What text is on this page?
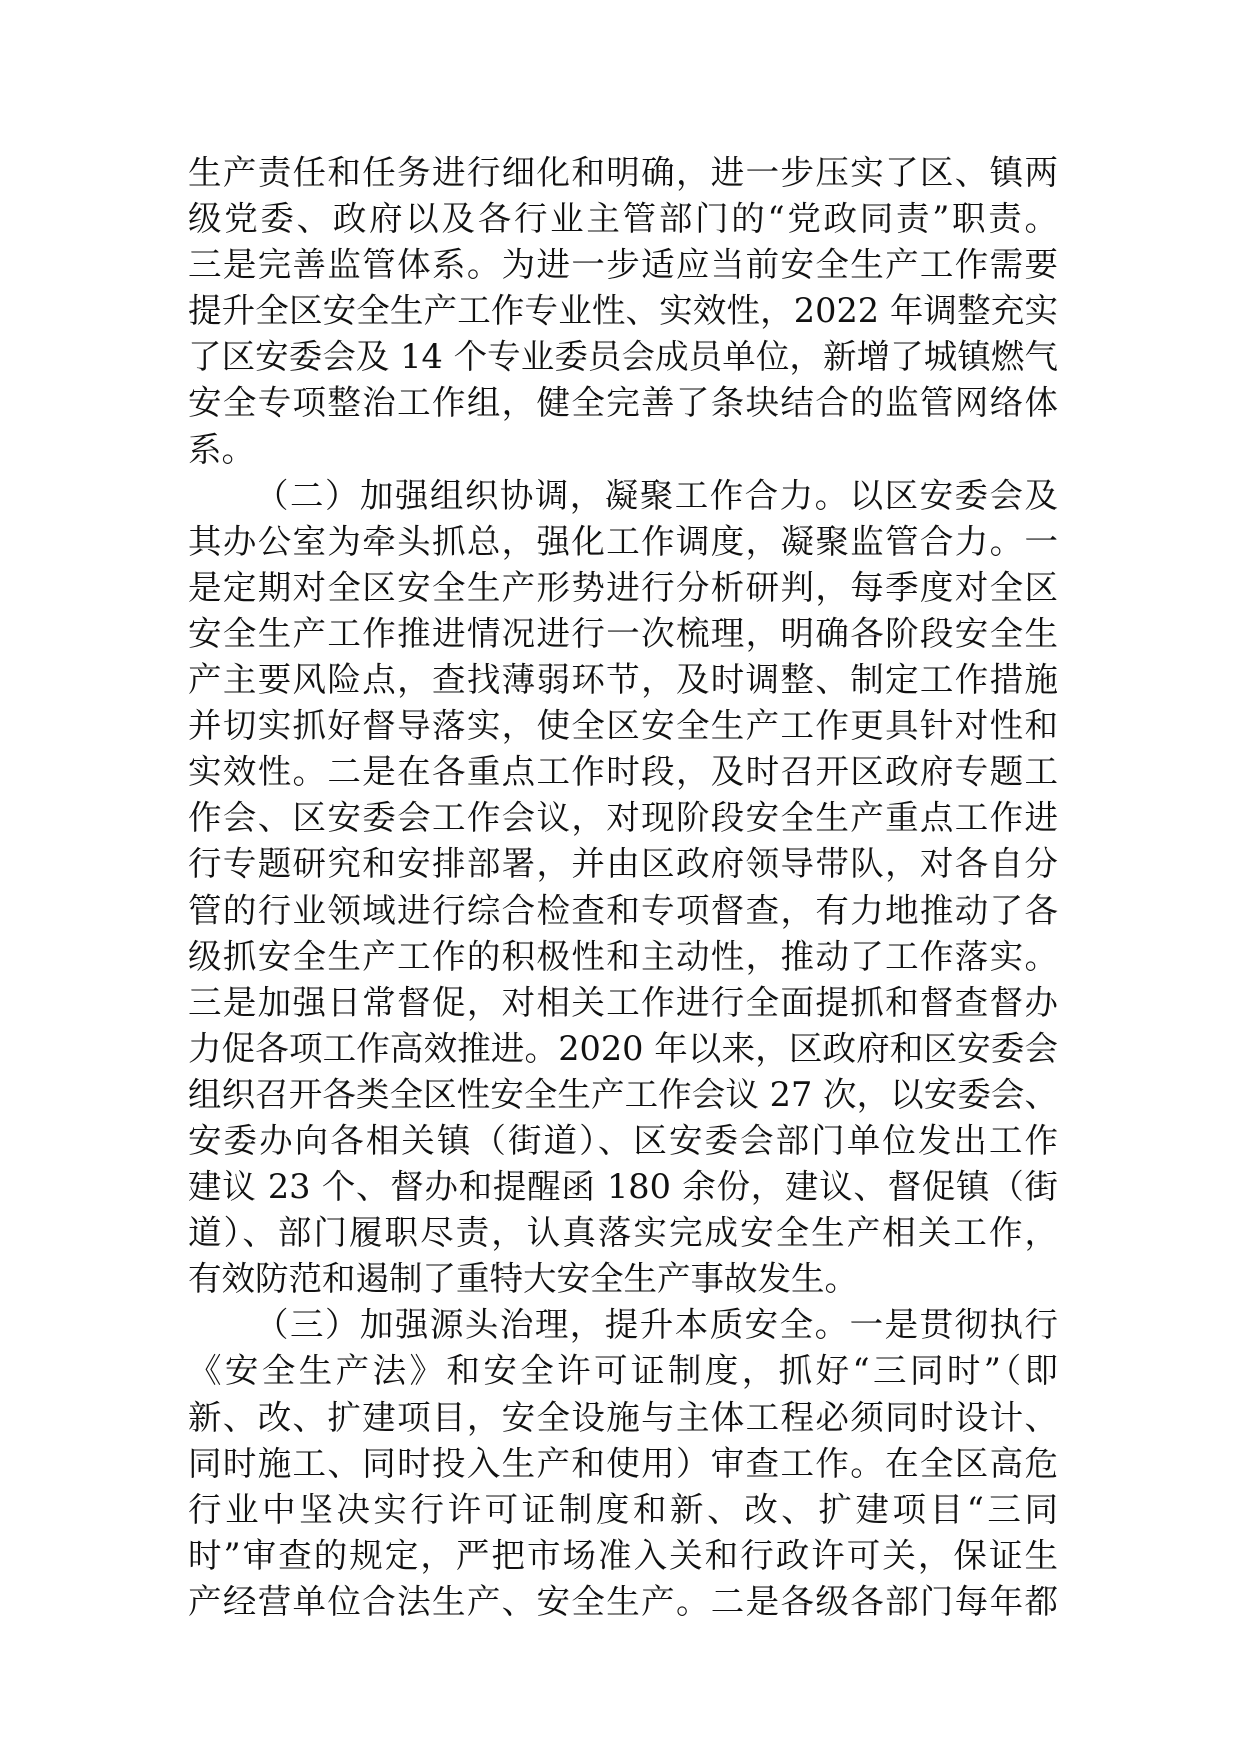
生产责任和任务进行细化和明确，进一步压实了区、镇两
级党委、政府以及各行业主管部门的“党政同责”职责。
三是完善监管体系。为进一步适应当前安全生产工作需要
提升全区安全生产工作专业性、实效性，2022 年调整充实
了区安委会及 14 个专业委员会成员单位，新增了城镇燃气
安全专项整治工作组，健全完善了条块结合的监管网络体
系。
（二）加强组织协调，凝聚工作合力。以区安委会及
其办公室为牵头抓总，强化工作调度，凝聚监管合力。一
是定期对全区安全生产形势进行分析研判，每季度对全区
安全生产工作推进情况进行一次梳理，明确各阶段安全生
产主要风险点，查找薄弱环节，及时调整、制定工作措施
并切实抓好督导落实，使全区安全生产工作更具针对性和
实效性。二是在各重点工作时段，及时召开区政府专题工
作会、区安委会工作会议，对现阶段安全生产重点工作进
行专题研究和安排部署，并由区政府领导带队，对各自分
管的行业领域进行综合检查和专项督查，有力地推动了各
级抓安全生产工作的积极性和主动性，推动了工作落实。
三是加强日常督促，对相关工作进行全面提抓和督查督办
力促各项工作高效推进。2020 年以来，区政府和区安委会
组织召开各类全区性安全生产工作会议 27 次，以安委会、
安委办向各相关镇（街道）、区安委会部门单位发出工作
建议 23 个、督办和提醒函 180 余份，建议、督促镇（街
道）、部门履职尽责，认真落实完成安全生产相关工作，
有效防范和遏制了重特大安全生产事故发生。
（三）加强源头治理，提升本质安全。一是贯彻执行
《安全生产法》和安全许可证制度，抓好“三同时”（即
新、改、扩建项目，安全设施与主体工程必须同时设计、
同时施工、同时投入生产和使用）审查工作。在全区高危
行业中坚决实行许可证制度和新、改、扩建项目“三同
时”审查的规定，严把市场准入关和行政许可关，保证生
产经营单位合法生产、安全生产。二是各级各部门每年都
